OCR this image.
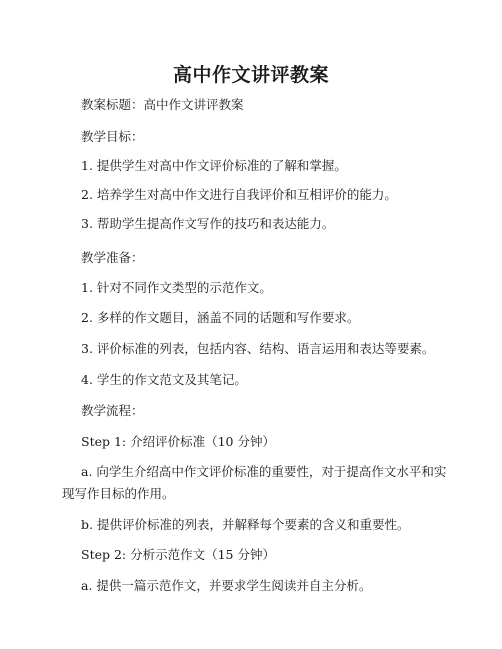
高中作文讲评教案
教案标题：高中作文讲评教案
教学目标：
1. 提供学生对高中作文评价标准的了解和掌握。
2. 培养学生对高中作文进行自我评价和互相评价的能力。
3. 帮助学生提高作文写作的技巧和表达能力。
教学准备：
1. 针对不同作文类型的示范作文。
2. 多样的作文题目，涵盖不同的话题和写作要求。
3. 评价标准的列表，包括内容、结构、语言运用和表达等要素。
4. 学生的作文范文及其笔记。
教学流程：
Step 1: 介绍评价标准（10 分钟）
a. 向学生介绍高中作文评价标准的重要性，对于提高作文水平和实
现写作目标的作用。
b. 提供评价标准的列表，并解释每个要素的含义和重要性。
Step 2: 分析示范作文（15 分钟）
a. 提供一篇示范作文，并要求学生阅读并自主分析。
